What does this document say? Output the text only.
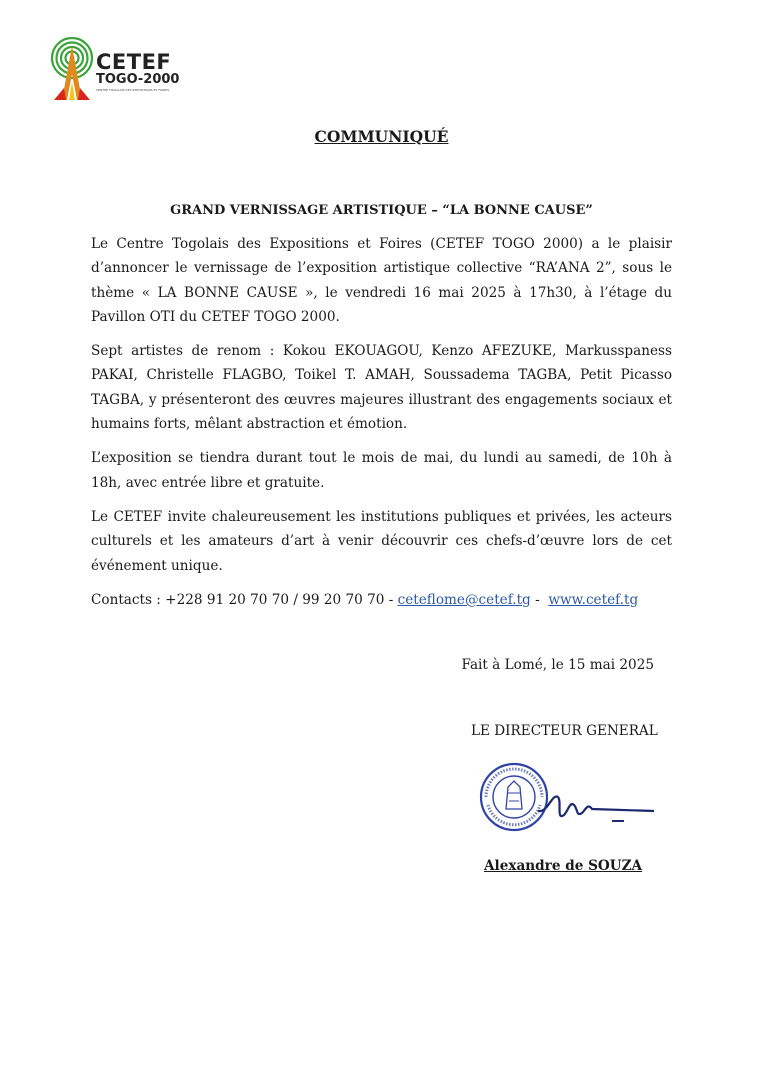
CETEF
TOGO-2000
CENTRE TOGOLAIS DES EXPOSITIONS ET FOIRES
COMMUNIQUÉ
GRAND VERNISSAGE ARTISTIQUE – “LA BONNE CAUSE”

Le Centre Togolais des Expositions et Foires (CETEF TOGO 2000) a le plaisir d’annoncer le vernissage de l’exposition artistique collective “RA’ANA 2”, sous le thème « LA BONNE CAUSE », le vendredi 16 mai 2025 à 17h30, à l’étage du Pavillon OTI du CETEF TOGO 2000.

Sept artistes de renom : Kokou EKOUAGOU, Kenzo AFEZUKE, Markusspaness PAKAI, Christelle FLAGBO, Toikel T. AMAH, Soussadema TAGBA, Petit Picasso TAGBA, y présenteront des œuvres majeures illustrant des engagements sociaux et humains forts, mêlant abstraction et émotion.

L’exposition se tiendra durant tout le mois de mai, du lundi au samedi, de 10h à 18h, avec entrée libre et gratuite.

Le CETEF invite chaleureusement les institutions publiques et privées, les acteurs culturels et les amateurs d’art à venir découvrir ces chefs-d’œuvre lors de cet événement unique.

Contacts : +228 91 20 70 70 / 99 20 70 70 - ceteflome@cetef.tg -  www.cetef.tg

Fait à Lomé, le 15 mai 2025
LE DIRECTEUR GENERAL
Alexandre de SOUZA
